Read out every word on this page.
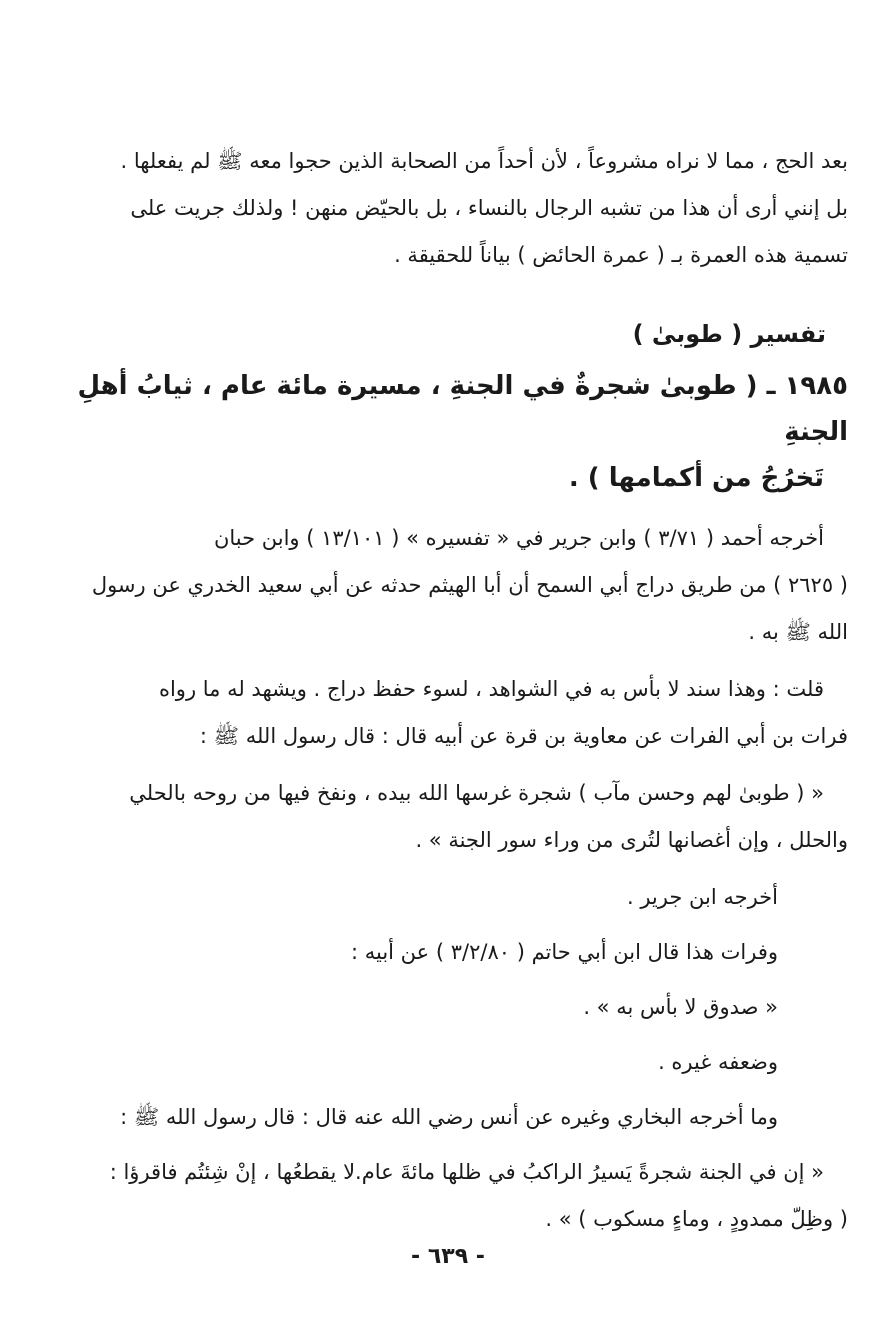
بعد الحج ، مما لا نراه مشروعاً ، لأن أحداً من الصحابة الذين حجوا معه ﷺ لم يفعلها .
بل إنني أرى أن هذا من تشبه الرجال بالنساء ، بل بالحيّض منهن ! ولذلك جريت على
تسمية هذه العمرة بـ ( عمرة الحائض ) بياناً للحقيقة .

تفسير ( طوبىٰ )
١٩٨٥ ـ ( طوبىٰ شجرةٌ في الجنةِ ، مسيرة مائة عام ، ثيابُ أهلِ الجنةِ
تَخرُجُ من أكمامها ) .

أخرجه أحمد ( ٣/٧١ ) وابن جرير في « تفسيره » ( ١٣/١٠١ ) وابن حبان
( ٢٦٢٥ ) من طريق دراج أبي السمح أن أبا الهيثم حدثه عن أبي سعيد الخدري عن رسول
الله ﷺ به .

قلت : وهذا سند لا بأس به في الشواهد ، لسوء حفظ دراج . ويشهد له ما رواه
فرات بن أبي الفرات عن معاوية بن قرة عن أبيه قال : قال رسول الله ﷺ :

« ( طوبىٰ لهم وحسن مآب ) شجرة غرسها الله بيده ، ونفخ فيها من روحه بالحلي
والحلل ، وإن أغصانها لتُرى من وراء سور الجنة » .

أخرجه ابن جرير .

وفرات هذا قال ابن أبي حاتم ( ٣/٢/٨٠ ) عن أبيه :

« صدوق لا بأس به » .

وضعفه غيره .

وما أخرجه البخاري وغيره عن أنس رضي الله عنه قال : قال رسول الله ﷺ :

« إن في الجنة شجرةً يَسيرُ الراكبُ في ظلها مائةَ عام.لا يقطعُها ، إنْ شِئتُم فاقرؤا :
( وظِلّ ممدودٍ ، وماءٍ مسكوب ) » .

- ٦٣٩ -
